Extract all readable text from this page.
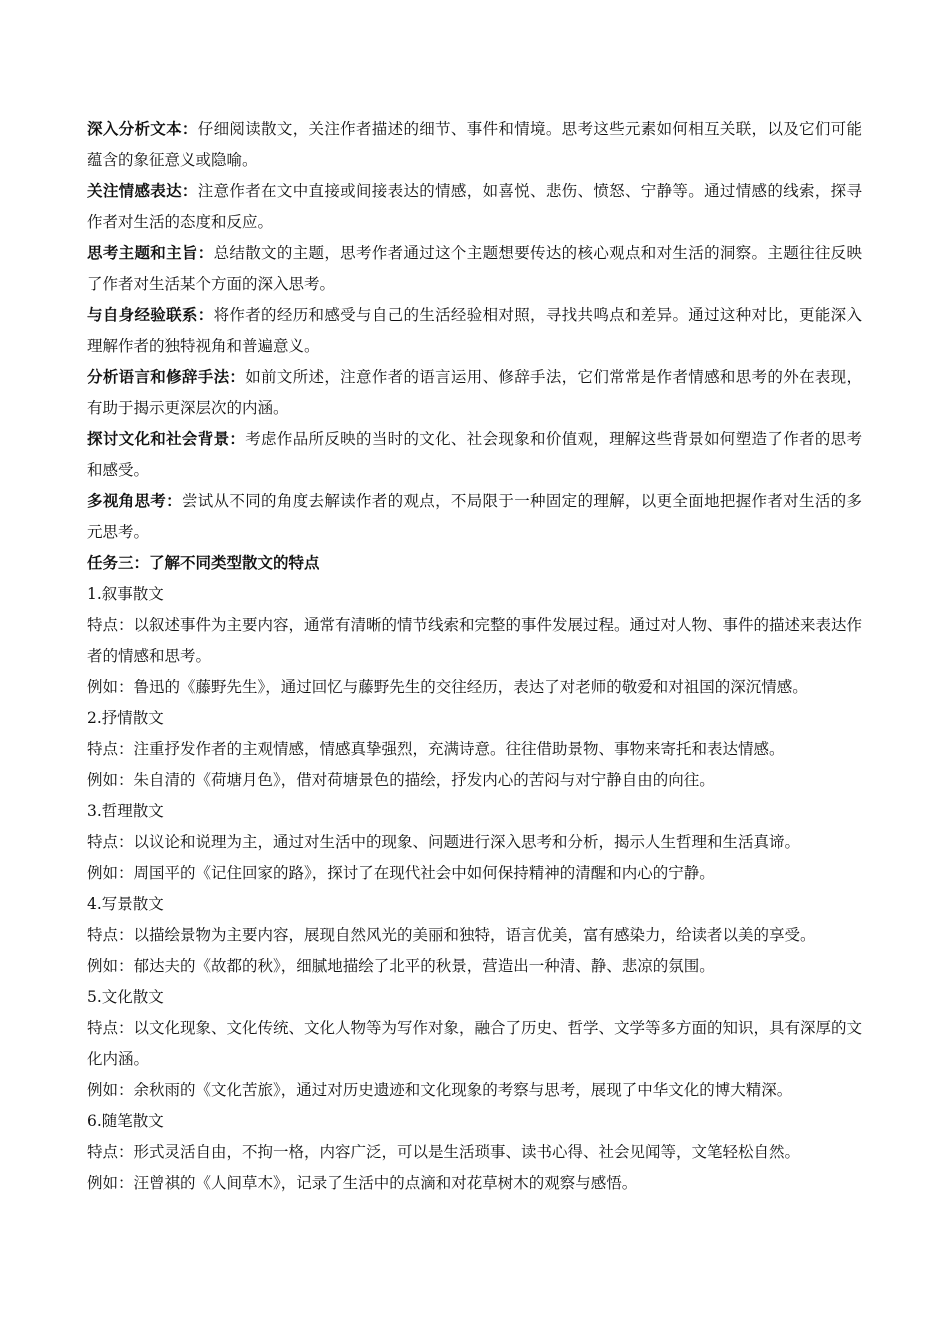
深入分析文本：仔细阅读散文，关注作者描述的细节、事件和情境。思考这些元素如何相互关联，以及它们可能蕴含的象征意义或隐喻。

关注情感表达：注意作者在文中直接或间接表达的情感，如喜悦、悲伤、愤怒、宁静等。通过情感的线索，探寻作者对生活的态度和反应。

思考主题和主旨：总结散文的主题，思考作者通过这个主题想要传达的核心观点和对生活的洞察。主题往往反映了作者对生活某个方面的深入思考。

与自身经验联系：将作者的经历和感受与自己的生活经验相对照，寻找共鸣点和差异。通过这种对比，更能深入理解作者的独特视角和普遍意义。

分析语言和修辞手法：如前文所述，注意作者的语言运用、修辞手法，它们常常是作者情感和思考的外在表现，有助于揭示更深层次的内涵。

探讨文化和社会背景：考虑作品所反映的当时的文化、社会现象和价值观，理解这些背景如何塑造了作者的思考和感受。

多视角思考：尝试从不同的角度去解读作者的观点，不局限于一种固定的理解，以更全面地把握作者对生活的多元思考。

任务三：了解不同类型散文的特点

1.叙事散文

特点：以叙述事件为主要内容，通常有清晰的情节线索和完整的事件发展过程。通过对人物、事件的描述来表达作者的情感和思考。

例如：鲁迅的《藤野先生》，通过回忆与藤野先生的交往经历，表达了对老师的敬爱和对祖国的深沉情感。

2.抒情散文

特点：注重抒发作者的主观情感，情感真挚强烈，充满诗意。往往借助景物、事物来寄托和表达情感。

例如：朱自清的《荷塘月色》，借对荷塘景色的描绘，抒发内心的苦闷与对宁静自由的向往。

3.哲理散文

特点：以议论和说理为主，通过对生活中的现象、问题进行深入思考和分析，揭示人生哲理和生活真谛。

例如：周国平的《记住回家的路》，探讨了在现代社会中如何保持精神的清醒和内心的宁静。

4.写景散文

特点：以描绘景物为主要内容，展现自然风光的美丽和独特，语言优美，富有感染力，给读者以美的享受。

例如：郁达夫的《故都的秋》，细腻地描绘了北平的秋景，营造出一种清、静、悲凉的氛围。

5.文化散文

特点：以文化现象、文化传统、文化人物等为写作对象，融合了历史、哲学、文学等多方面的知识，具有深厚的文化内涵。

例如：余秋雨的《文化苦旅》，通过对历史遗迹和文化现象的考察与思考，展现了中华文化的博大精深。

6.随笔散文

特点：形式灵活自由，不拘一格，内容广泛，可以是生活琐事、读书心得、社会见闻等，文笔轻松自然。

例如：汪曾祺的《人间草木》，记录了生活中的点滴和对花草树木的观察与感悟。
